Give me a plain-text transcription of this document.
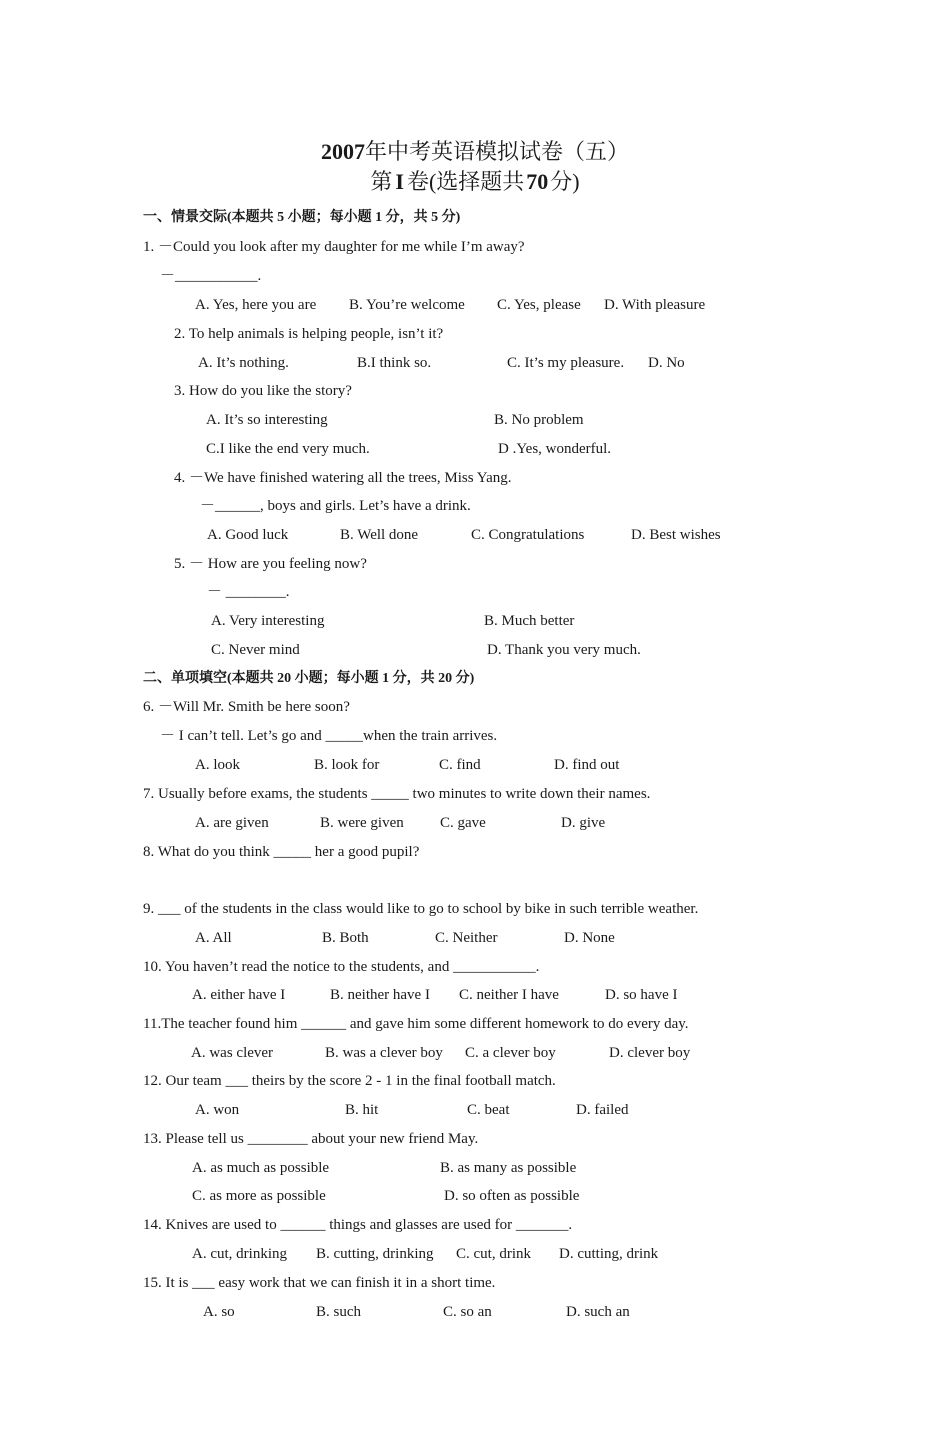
2007年中考英语模拟试卷（五）
第 I 卷(选择题共70分)
一、情景交际(本题共 5 小题；每小题 1 分，共 5 分)
1. －Could you look after my daughter for me while I’m away?
－___________.
A. Yes, here you are B. You’re welcome C. Yes, please D. With pleasure
2. To help animals is helping people, isn’t it?
A. It’s nothing.	B.I think so.	C. It’s my pleasure. D. No
3. How do you like the story?
A. It’s so interesting	B. No problem
C.I like the end very much.	D .Yes, wonderful.
4. －We have finished watering all the trees, Miss Yang.
－______, boys and girls. Let’s have a drink.
A. Good luck	B. Well done	C. Congratulations	D. Best wishes
5. － How are you feeling now?
－ ________.
A. Very interesting	B. Much better
C. Never mind	D. Thank you very much.
二、单项填空(本题共 20 小题；每小题 1 分，共 20 分)
6. －Will Mr. Smith be here soon?
－ I can’t tell. Let’s go and _____when the train arrives.
A. look	B. look for	C. find	D. find out
7. Usually before exams, the students _____ two minutes to write down their names.
A. are given	B. were given C. gave	D. give
8. What do you think _____ her a good pupil?
9. ___ of the students in the class would like to go to school by bike in such terrible weather.
A. All	B. Both	C. Neither	D. None
10. You haven’t read the notice to the students, and ___________.
A. either have I	B. neither have I C. neither I have	D. so have I
11.The teacher found him ______ and gave him some different homework to do every day.
A. was clever	B. was a clever boy C. a clever boy	D. clever boy
12. Our team ___ theirs by the score 2 - 1 in the final football match.
A. won	B. hit	C. beat	D. failed
13. Please tell us ________ about your new friend May.
A. as much as possible	B. as many as possible
C. as more as possible	D. so often as possible
14. Knives are used to ______ things and glasses are used for _______.
A. cut, drinking B. cutting, drinking C. cut, drink D. cutting, drink
15. It is ___ easy work that we can finish it in a short time.
A. so	B. such	C. so an	D. such an
